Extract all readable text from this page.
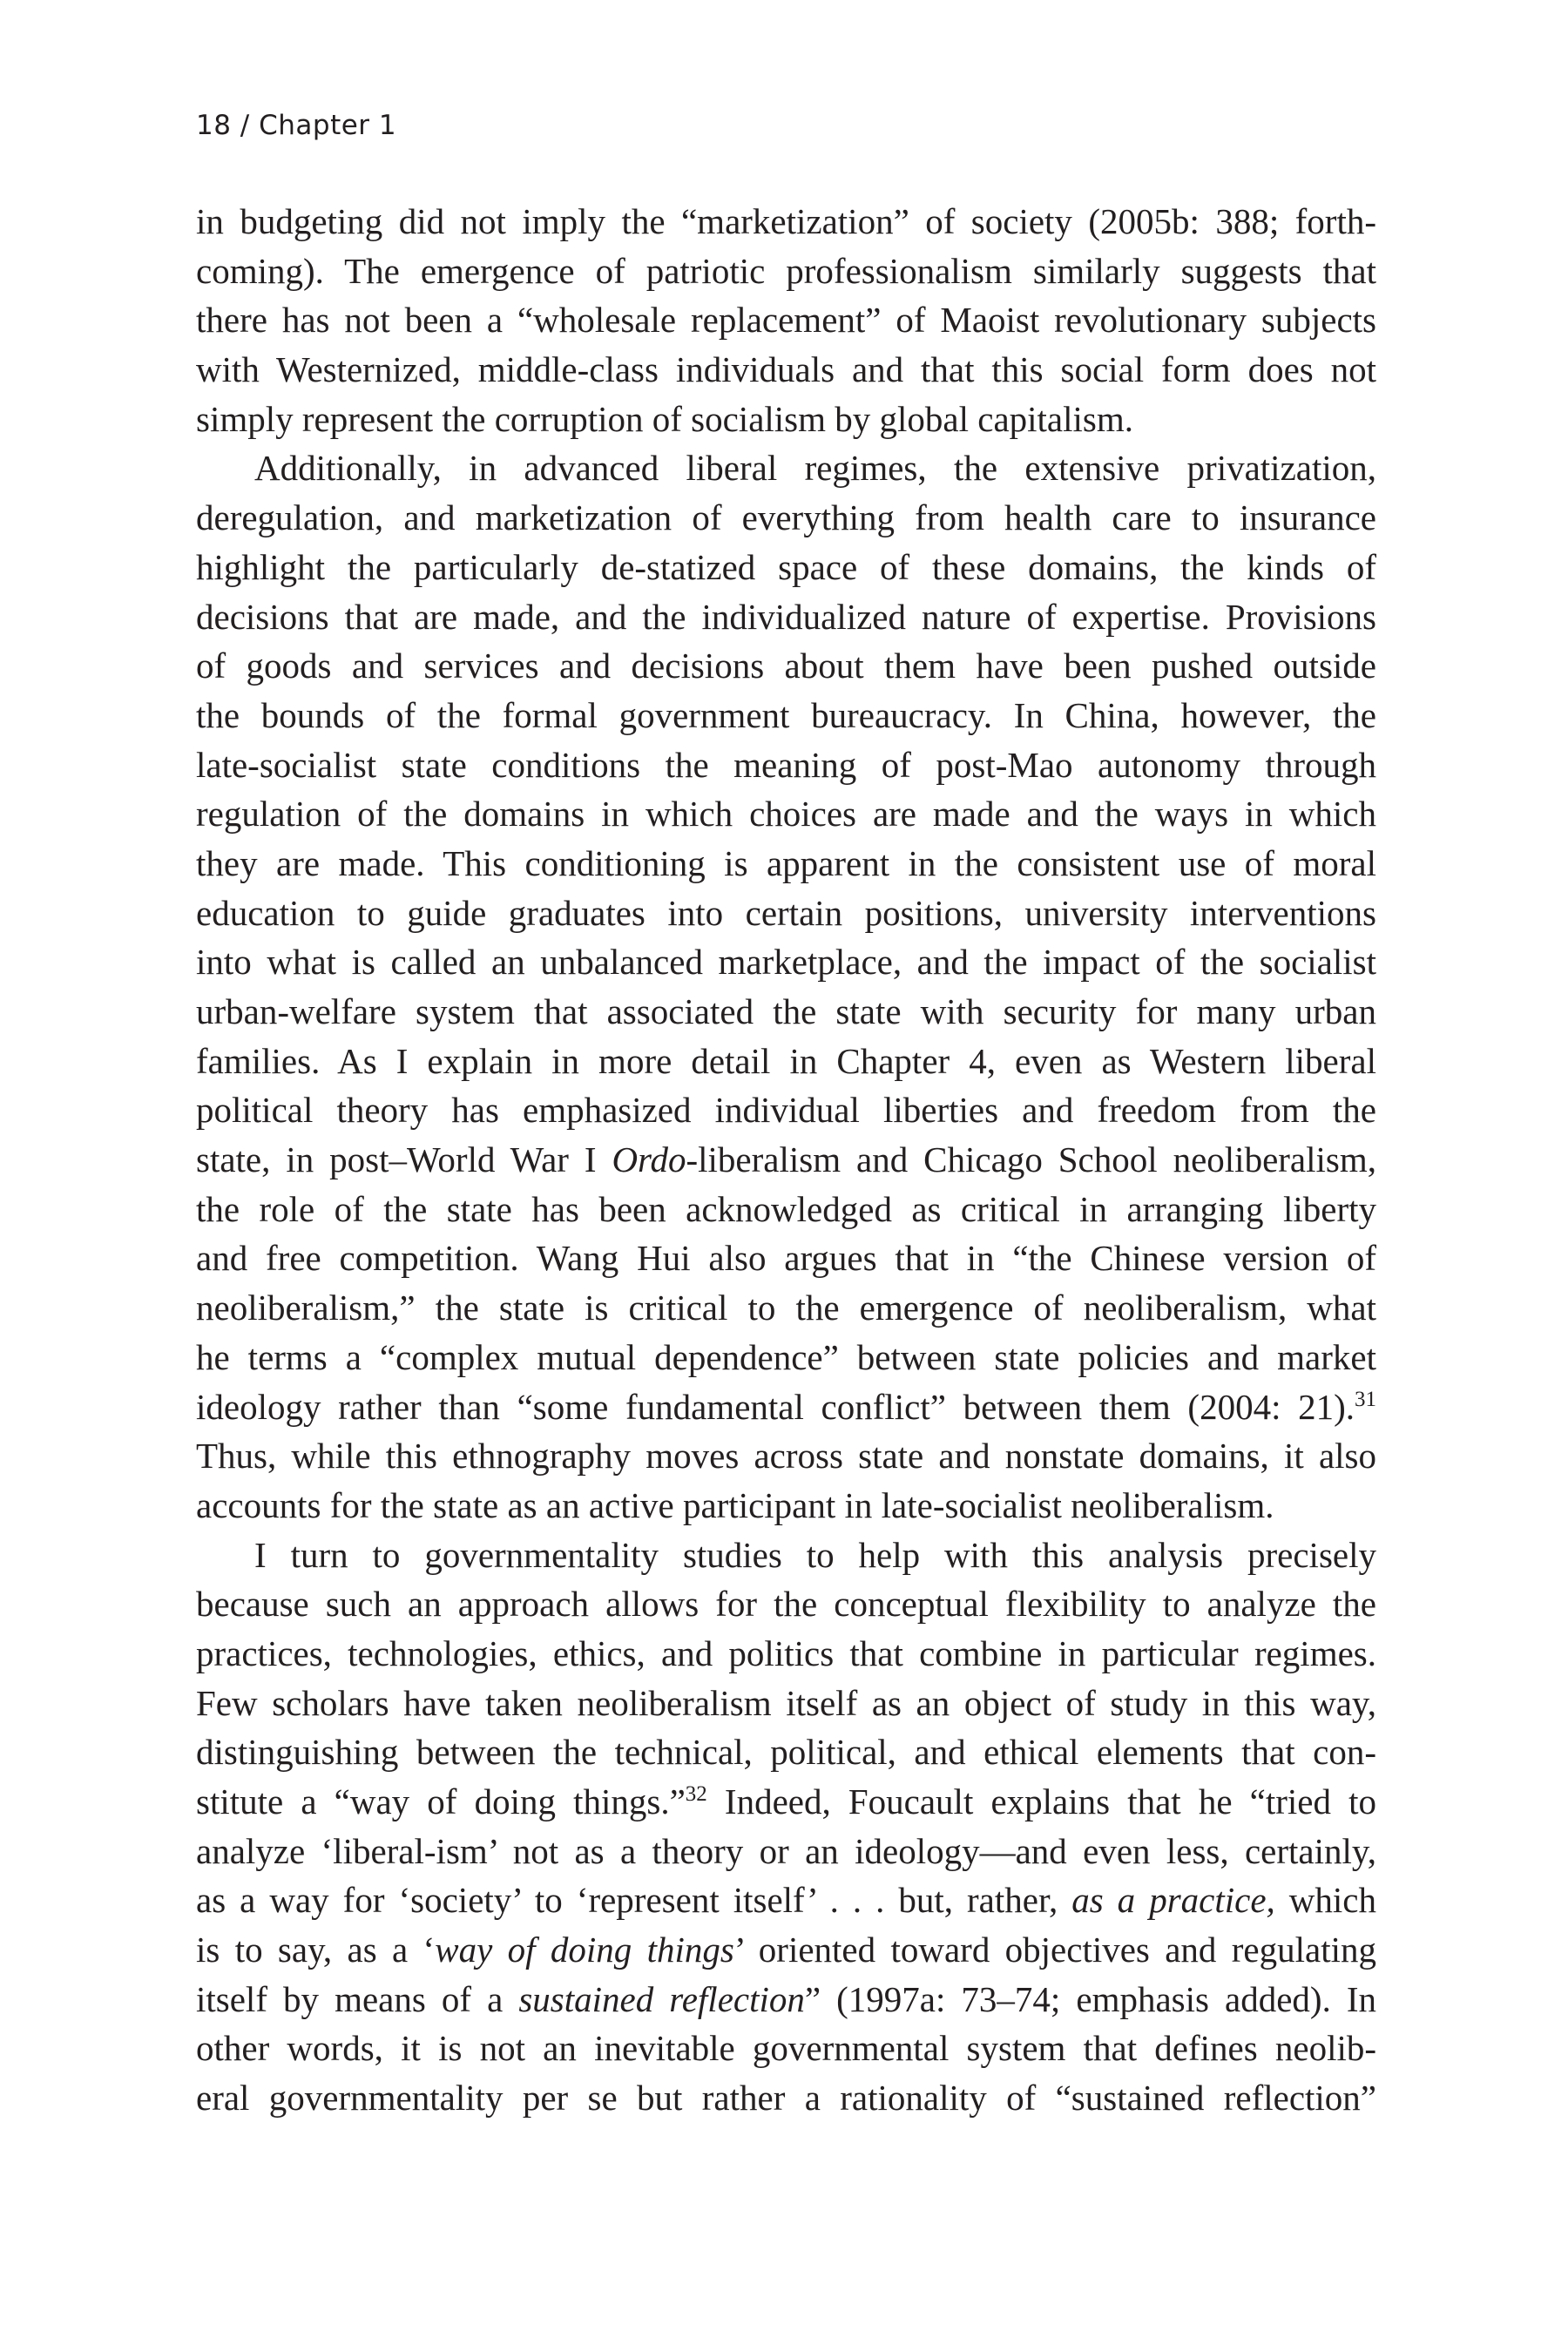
18 / Chapter 1
in budgeting did not imply the “marketization” of society (2005b: 388; forth-
coming). The emergence of patriotic professionalism similarly suggests that
there has not been a “wholesale replacement” of Maoist revolutionary subjects
with Westernized, middle-class individuals and that this social form does not
simply represent the corruption of socialism by global capitalism.
Additionally, in advanced liberal regimes, the extensive privatization,
deregulation, and marketization of everything from health care to insurance
highlight the particularly de-statized space of these domains, the kinds of
decisions that are made, and the individualized nature of expertise. Provisions
of goods and services and decisions about them have been pushed outside
the bounds of the formal government bureaucracy. In China, however, the
late-socialist state conditions the meaning of post-Mao autonomy through
regulation of the domains in which choices are made and the ways in which
they are made. This conditioning is apparent in the consistent use of moral
education to guide graduates into certain positions, university interventions
into what is called an unbalanced marketplace, and the impact of the socialist
urban-welfare system that associated the state with security for many urban
families. As I explain in more detail in Chapter 4, even as Western liberal
political theory has emphasized individual liberties and freedom from the
state, in post–World War I Ordo-liberalism and Chicago School neoliberalism,
the role of the state has been acknowledged as critical in arranging liberty
and free competition. Wang Hui also argues that in “the Chinese version of
neoliberalism,” the state is critical to the emergence of neoliberalism, what
he terms a “complex mutual dependence” between state policies and market
ideology rather than “some fundamental conflict” between them (2004: 21).$^{31}$
Thus, while this ethnography moves across state and nonstate domains, it also
accounts for the state as an active participant in late-socialist neoliberalism.
I turn to governmentality studies to help with this analysis precisely
because such an approach allows for the conceptual flexibility to analyze the
practices, technologies, ethics, and politics that combine in particular regimes.
Few scholars have taken neoliberalism itself as an object of study in this way,
distinguishing between the technical, political, and ethical elements that con-
stitute a “way of doing things.”$^{32}$ Indeed, Foucault explains that he “tried to
analyze ‘liberal-ism’ not as a theory or an ideology—and even less, certainly,
as a way for ‘society’ to ‘represent itself’ . . . but, rather, as a practice, which
is to say, as a ‘way of doing things’ oriented toward objectives and regulating
itself by means of a sustained reflection” (1997a: 73–74; emphasis added). In
other words, it is not an inevitable governmental system that defines neolib-
eral governmentality per se but rather a rationality of “sustained reflection”
